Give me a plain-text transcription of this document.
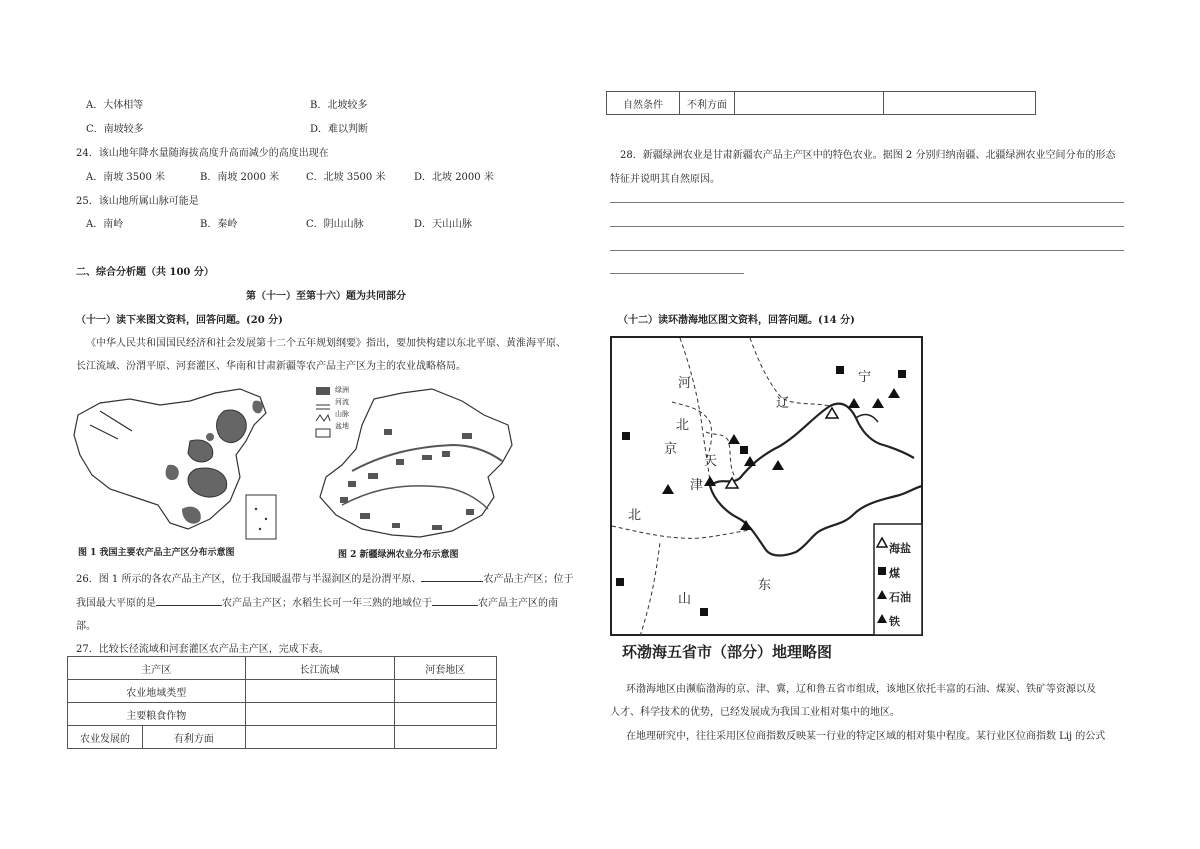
A．大体相等	B．北坡较多
C．南坡较多	D．难以判断
24．该山地年降水量随海拔高度升高而减少的高度出现在
A．南坡 3500 米	B．南坡 2000 米	C．北坡 3500 米	D．北坡 2000 米
25．该山地所属山脉可能是
A．南岭	B．秦岭	C．阴山山脉	D．天山山脉
二、综合分析题（共 100 分）
第（十一）至第十六）题为共同部分
（十一）读下来图文资料，回答问题。(20 分)
《中华人民共和国国民经济和社会发展第十二个五年规划纲要》指出，要加快构建以东北平原、黄淮海平原、
长江流域、汾渭平原、河套灌区、华南和甘肃新疆等农产品主产区为主的农业战略格局。
图 1 我国主要农产品主产区分布示意图
绿洲
河流
山脉
盆地
图 2 新疆绿洲农业分布示意图
26．图 1 所示的各农产品主产区，位于我国暖温带与半湿润区的是汾渭平原、	农产品主产区；位于
我国最大平原的是	农产品主产区；水稻生长可一年三熟的地域位于	农产品主产区的南
部。
27．比较长径流域和河套灌区农产品主产区，完成下表。
主产区		长江流域	河套地区
农业地域类型			
主要粮食作物			
农业发展的	有利方面		
自然条件	不利方面		
28．新疆绿洲农业是甘肃新疆农产品主产区中的特色农业。据图 2 分别归纳南疆、北疆绿洲农业空间分布的形态
特征并说明其自然原因。
（十二）读环渤海地区图文资料，回答问题。(14 分)
河
北
京
天
津
北
辽
宁
山
东
海盐
煤
石油
铁
环渤海五省市（部分）地理略图
环渤海地区由濒临渤海的京、津、冀，辽和鲁五省市组成，该地区依托丰富的石油、煤炭、铁矿等资源以及
人才、科学技术的优势，已经发展成为我国工业相对集中的地区。
在地理研究中，往往采用区位商指数反映某一行业的特定区域的相对集中程度。某行业区位商指数 Lij 的公式
